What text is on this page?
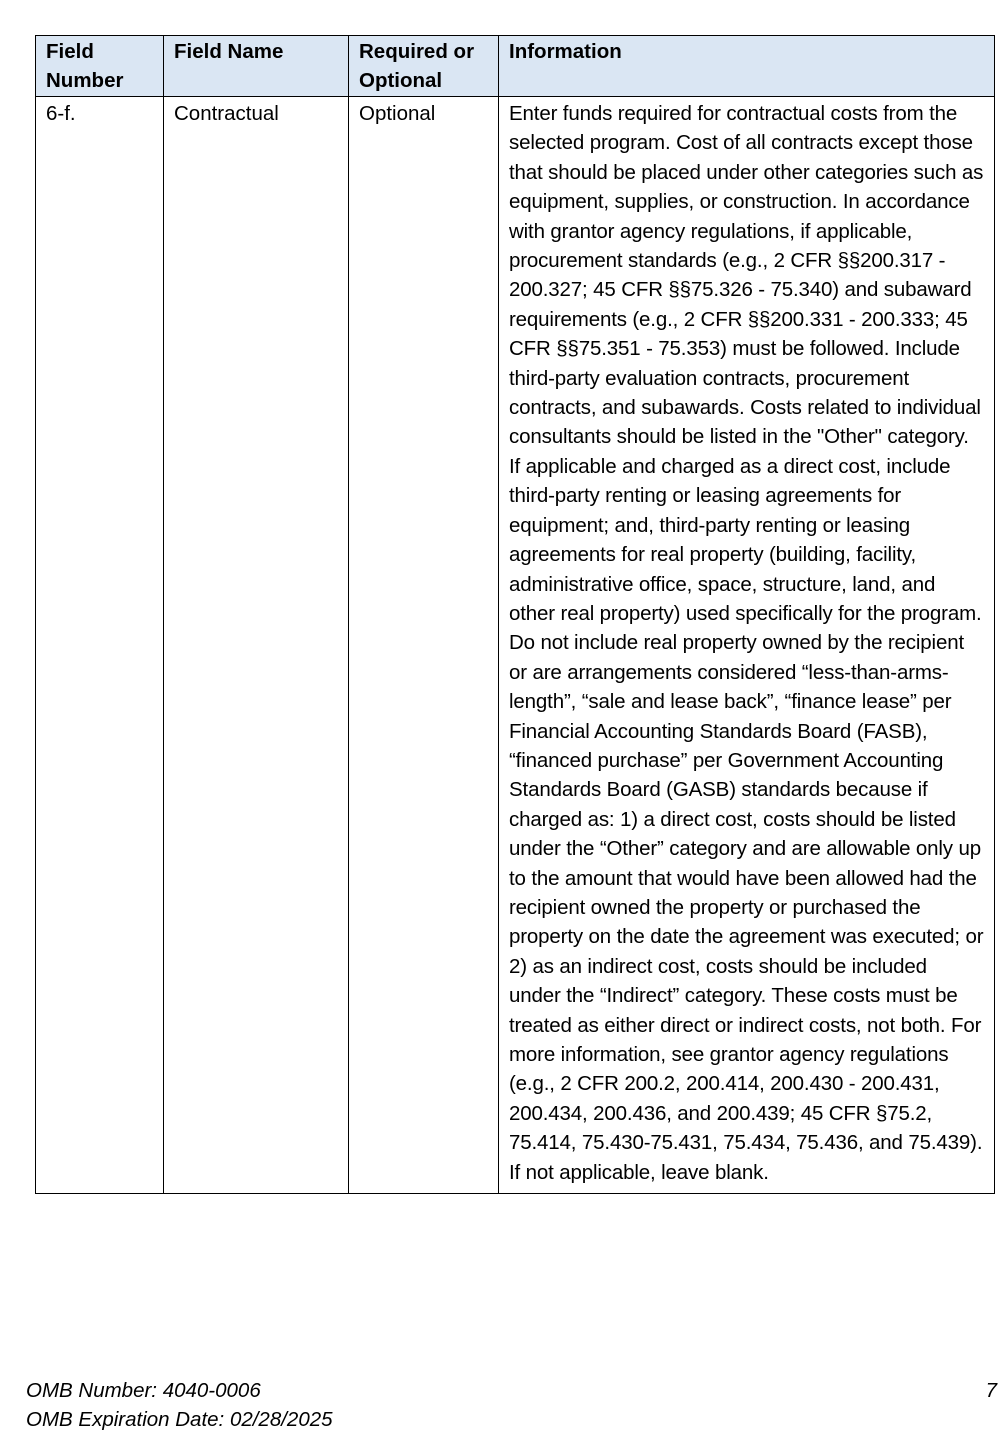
Field Number	Field Name	Required or Optional	Information
6-f.	Contractual	Optional	Enter funds required for contractual costs from the selected program. Cost of all contracts except those that should be placed under other categories such as equipment, supplies, or construction. In accordance with grantor agency regulations, if applicable, procurement standards (e.g., 2 CFR §§200.317 - 200.327; 45 CFR §§75.326 - 75.340) and subaward requirements (e.g., 2 CFR §§200.331 - 200.333; 45 CFR §§75.351 - 75.353) must be followed. Include third-party evaluation contracts, procurement contracts, and subawards. Costs related to individual consultants should be listed in the "Other" category. If applicable and charged as a direct cost, include third-party renting or leasing agreements for equipment; and, third-party renting or leasing agreements for real property (building, facility, administrative office, space, structure, land, and other real property) used specifically for the program. Do not include real property owned by the recipient or are arrangements considered “less-than-arms-length”, “sale and lease back”, “finance lease” per Financial Accounting Standards Board (FASB), “financed purchase” per Government Accounting Standards Board (GASB) standards because if charged as: 1) a direct cost, costs should be listed under the “Other” category and are allowable only up to the amount that would have been allowed had the recipient owned the property or purchased the property on the date the agreement was executed; or 2) as an indirect cost, costs should be included under the “Indirect” category. These costs must be treated as either direct or indirect costs, not both. For more information, see grantor agency regulations (e.g., 2 CFR 200.2, 200.414, 200.430 - 200.431, 200.434, 200.436, and 200.439; 45 CFR §75.2, 75.414, 75.430-75.431, 75.434, 75.436, and 75.439). If not applicable, leave blank.
OMB Number: 4040-0006
OMB Expiration Date: 02/28/2025
7
